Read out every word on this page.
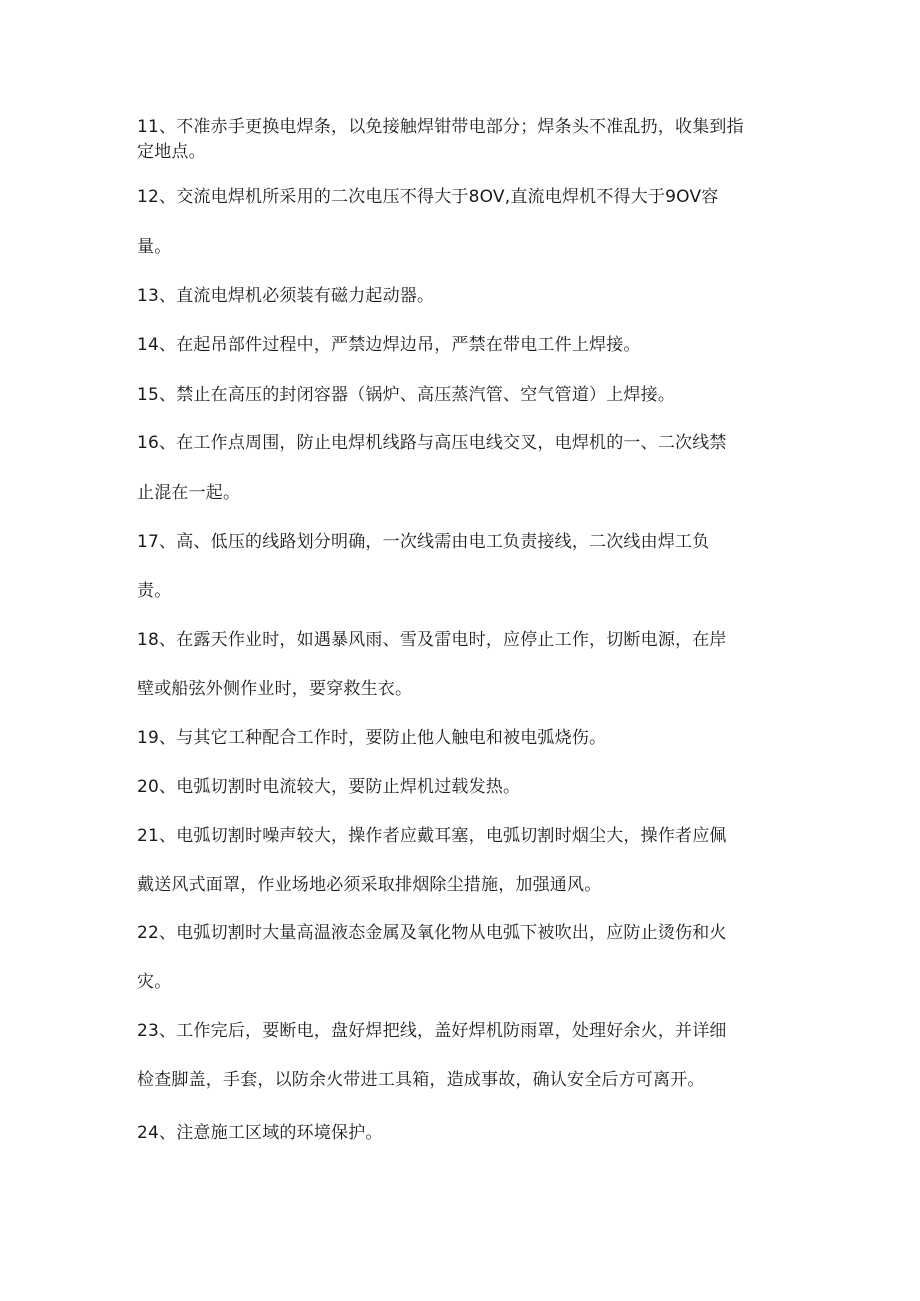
11、不准赤手更换电焊条，以免接触焊钳带电部分；焊条头不准乱扔，收集到指
定地点。
12、交流电焊机所采用的二次电压不得大于8OV,直流电焊机不得大于9OV容
量。
13、直流电焊机必须装有磁力起动器。
14、在起吊部件过程中，严禁边焊边吊，严禁在带电工件上焊接。
15、禁止在高压的封闭容器（锅炉、高压蒸汽管、空气管道）上焊接。
16、在工作点周围，防止电焊机线路与高压电线交叉，电焊机的一、二次线禁
止混在一起。
17、高、低压的线路划分明确，一次线需由电工负责接线，二次线由焊工负
责。
18、在露天作业时，如遇暴风雨、雪及雷电时，应停止工作，切断电源，在岸
壁或船弦外侧作业时，要穿救生衣。
19、与其它工种配合工作时，要防止他人触电和被电弧烧伤。
20、电弧切割时电流较大，要防止焊机过载发热。
21、电弧切割时噪声较大，操作者应戴耳塞，电弧切割时烟尘大，操作者应佩
戴送风式面罩，作业场地必须采取排烟除尘措施，加强通风。
22、电弧切割时大量高温液态金属及氧化物从电弧下被吹出，应防止烫伤和火
灾。
23、工作完后，要断电，盘好焊把线，盖好焊机防雨罩，处理好余火，并详细
检查脚盖，手套，以防余火带进工具箱，造成事故，确认安全后方可离开。
24、注意施工区域的环境保护。
